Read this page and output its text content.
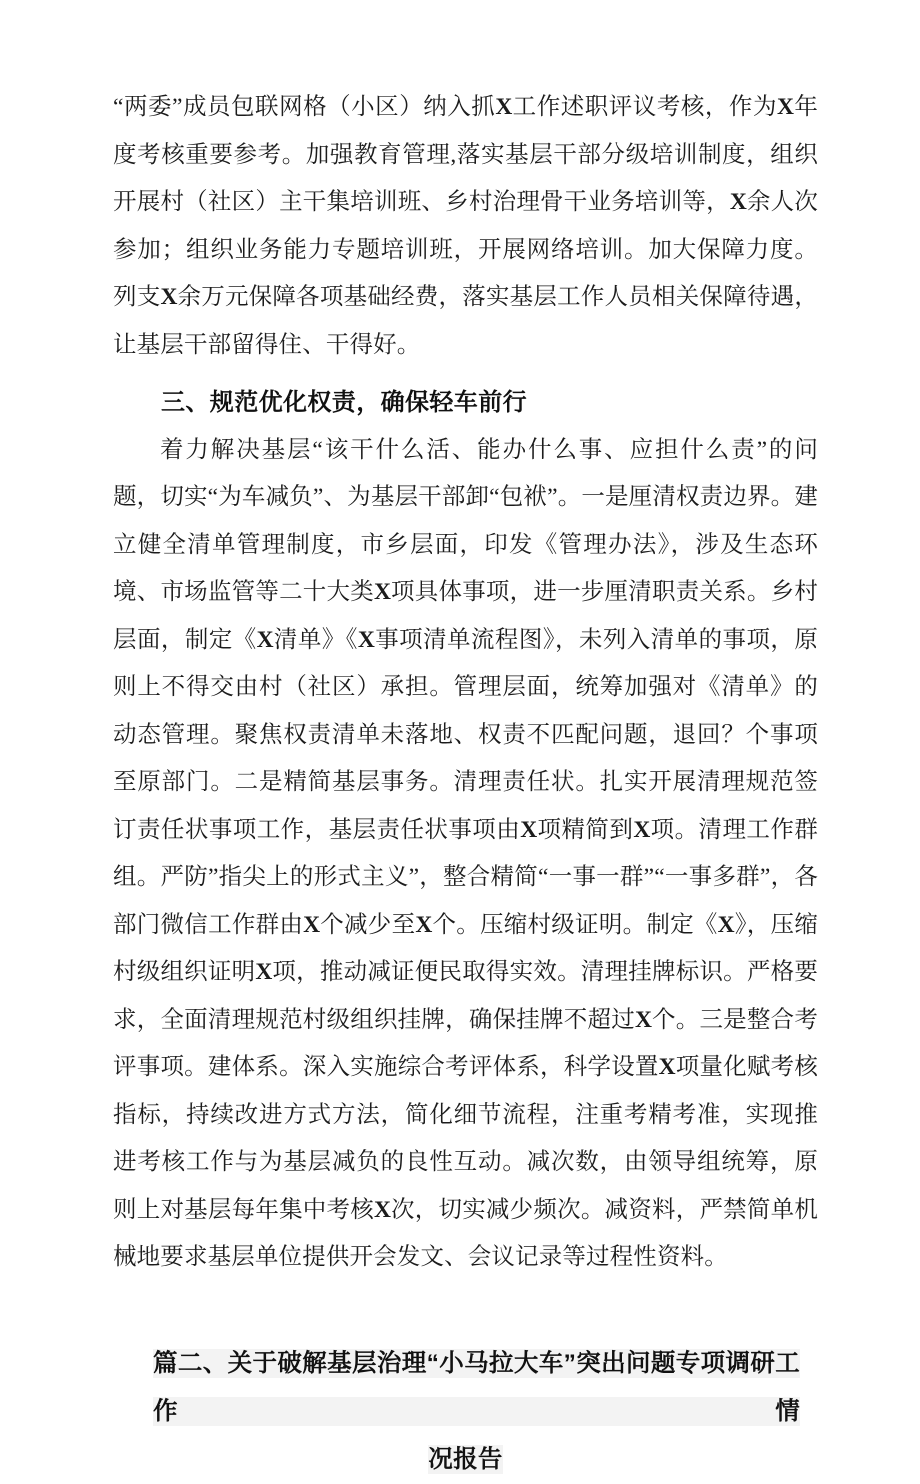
“两委”成员包联网格（小区）纳入抓X工作述职评议考核，作为X年度考核重要参考。加强教育管理,落实基层干部分级培训制度，组织开展村（社区）主干集培训班、乡村治理骨干业务培训等，X余人次参加；组织业务能力专题培训班，开展网络培训。加大保障力度。列支X余万元保障各项基础经费，落实基层工作人员相关保障待遇，让基层干部留得住、干得好。

三、规范优化权责，确保轻车前行

着力解决基层“该干什么活、能办什么事、应担什么责”的问题，切实“为车减负”、为基层干部卸“包袱”。一是厘清权责边界。建立健全清单管理制度，市乡层面，印发《管理办法》，涉及生态环境、市场监管等二十大类X项具体事项，进一步厘清职责关系。乡村层面，制定《X清单》《X事项清单流程图》，未列入清单的事项，原则上不得交由村（社区）承担。管理层面，统筹加强对《清单》的动态管理。聚焦权责清单未落地、权责不匹配问题，退回？个事项至原部门。二是精简基层事务。清理责任状。扎实开展清理规范签订责任状事项工作，基层责任状事项由X项精简到X项。清理工作群组。严防”指尖上的形式主义”，整合精简“一事一群”“一事多群”，各部门微信工作群由X个减少至X个。压缩村级证明。制定《X》，压缩村级组织证明X项，推动减证便民取得实效。清理挂牌标识。严格要求，全面清理规范村级组织挂牌，确保挂牌不超过X个。三是整合考评事项。建体系。深入实施综合考评体系，科学设置X项量化赋考核指标，持续改进方式方法，简化细节流程，注重考精考准，实现推进考核工作与为基层减负的良性互动。减次数，由领导组统筹，原则上对基层每年集中考核X次，切实减少频次。减资料，严禁简单机械地要求基层单位提供开会发文、会议记录等过程性资料。

篇二、关于破解基层治理“小马拉大车”突出问题专项调研工作情
况报告
